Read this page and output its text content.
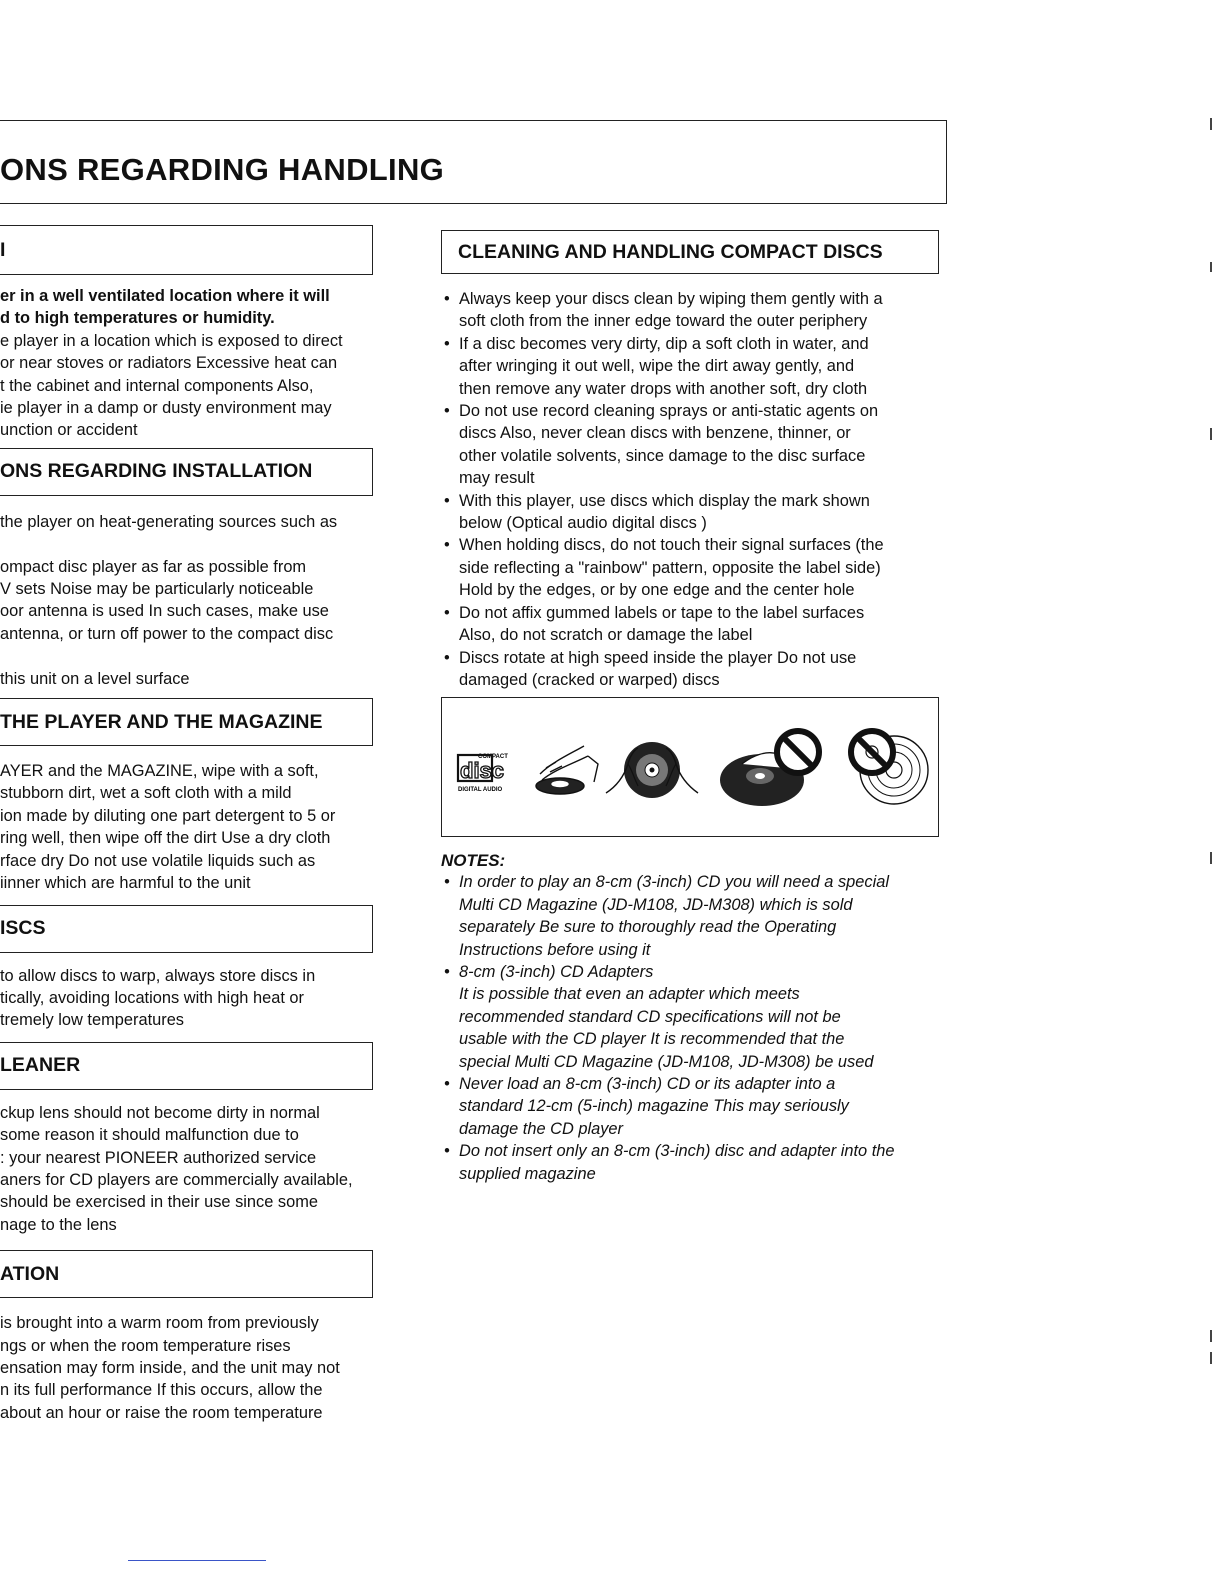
ONS REGARDING HANDLING
I
er in a well ventilated location where it will
d to high temperatures or humidity.
e player in a location which is exposed to direct
or near stoves or radiators Excessive heat can
t the cabinet and internal components Also,
ie player in a damp or dusty environment may
unction or accident
ONS REGARDING INSTALLATION
the player on heat-generating sources such as
ompact disc player as far as possible from
V sets Noise may be particularly noticeable
oor antenna is used In such cases, make use
antenna, or turn off power to the compact disc
this unit on a level surface
THE PLAYER AND THE MAGAZINE
AYER and the MAGAZINE, wipe with a soft,
stubborn dirt, wet a soft cloth with a mild
ion made by diluting one part detergent to 5 or
ring well, then wipe off the dirt Use a dry cloth
rface dry Do not use volatile liquids such as
iinner which are harmful to the unit
ISCS
to allow discs to warp, always store discs in
tically, avoiding locations with high heat or
tremely low temperatures
LEANER
ckup lens should not become dirty in normal
some reason it should malfunction due to
: your nearest PIONEER authorized service
aners for CD players are commercially available,
should be exercised in their use since some
nage to the lens
ATION
is brought into a warm room from previously
ngs or when the room temperature rises
ensation may form inside, and the unit may not
n its full performance If this occurs, allow the
about an hour or raise the room temperature
CLEANING AND HANDLING COMPACT DISCS
• Always keep your discs clean by wiping them gently with a
soft cloth from the inner edge toward the outer periphery
• If a disc becomes very dirty, dip a soft cloth in water, and
after wringing it out well, wipe the dirt away gently, and
then remove any water drops with another soft, dry cloth
• Do not use record cleaning sprays or anti-static agents on
discs Also, never clean discs with benzene, thinner, or
other volatile solvents, since damage to the disc surface
may result
• With this player, use discs which display the mark shown
below (Optical audio digital discs )
• When holding discs, do not touch their signal surfaces (the
side reflecting a "rainbow" pattern, opposite the label side)
Hold by the edges, or by one edge and the center hole
• Do not affix gummed labels or tape to the label surfaces
Also, do not scratch or damage the label
• Discs rotate at high speed inside the player Do not use
damaged (cracked or warped) discs
COMPACT
disc
DIGITAL AUDIO
NOTES:
• In order to play an 8-cm (3-inch) CD you will need a special
Multi CD Magazine (JD-M108, JD-M308) which is sold
separately Be sure to thoroughly read the Operating
Instructions before using it
• 8-cm (3-inch) CD Adapters
It is possible that even an adapter which meets
recommended standard CD specifications will not be
usable with the CD player It is recommended that the
special Multi CD Magazine (JD-M108, JD-M308) be used
• Never load an 8-cm (3-inch) CD or its adapter into a
standard 12-cm (5-inch) magazine This may seriously
damage the CD player
• Do not insert only an 8-cm (3-inch) disc and adapter into the
supplied magazine
